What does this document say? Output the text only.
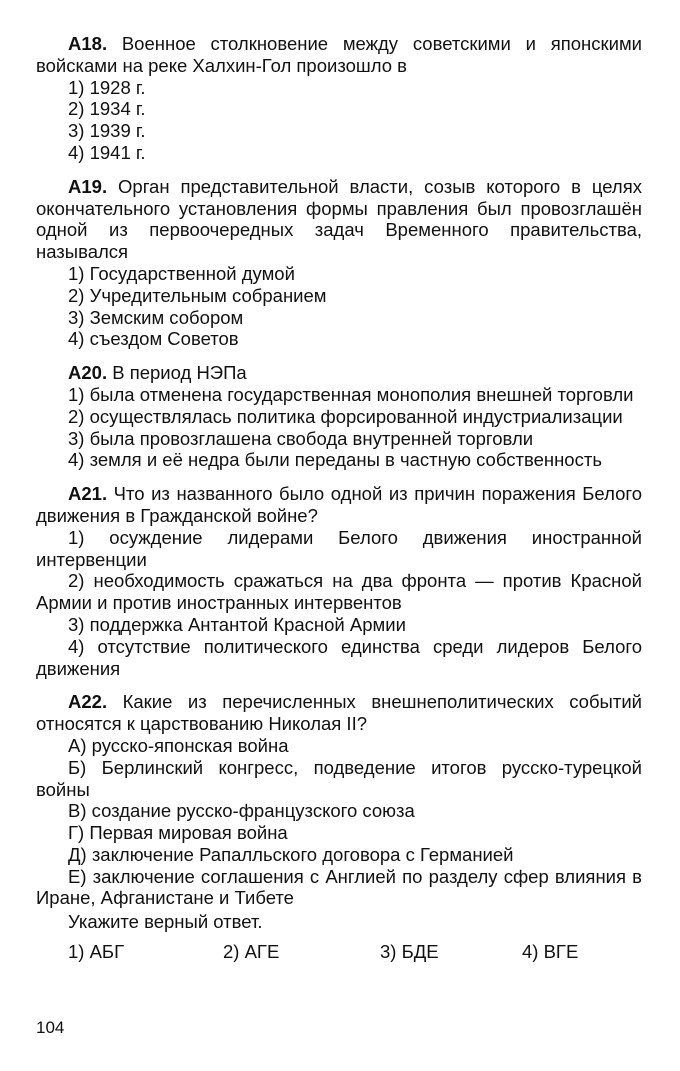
А18. Военное столкновение между советскими и японскими войсками на реке Халхин-Гол произошло в
1) 1928 г.
2) 1934 г.
3) 1939 г.
4) 1941 г.
А19. Орган представительной власти, созыв которого в целях окончательного установления формы правления был провозглашён одной из первоочередных задач Временного правительства, назывался
1) Государственной думой
2) Учредительным собранием
3) Земским собором
4) съездом Советов
А20. В период НЭПа
1) была отменена государственная монополия внешней торговли
2) осуществлялась политика форсированной индустриализации
3) была провозглашена свобода внутренней торговли
4) земля и её недра были переданы в частную собственность
А21. Что из названного было одной из причин поражения Белого движения в Гражданской войне?
1) осуждение лидерами Белого движения иностранной интервенции
2) необходимость сражаться на два фронта — против Красной Армии и против иностранных интервентов
3) поддержка Антантой Красной Армии
4) отсутствие политического единства среди лидеров Белого движения
А22. Какие из перечисленных внешнеполитических событий относятся к царствованию Николая II?
А) русско-японская война
Б) Берлинский конгресс, подведение итогов русско-турецкой войны
В) создание русско-французского союза
Г) Первая мировая война
Д) заключение Рапалльского договора с Германией
Е) заключение соглашения с Англией по разделу сфер влияния в Иране, Афганистане и Тибете
Укажите верный ответ.
1) АБГ	2) АГЕ	3) БДЕ	4) ВГЕ
104
